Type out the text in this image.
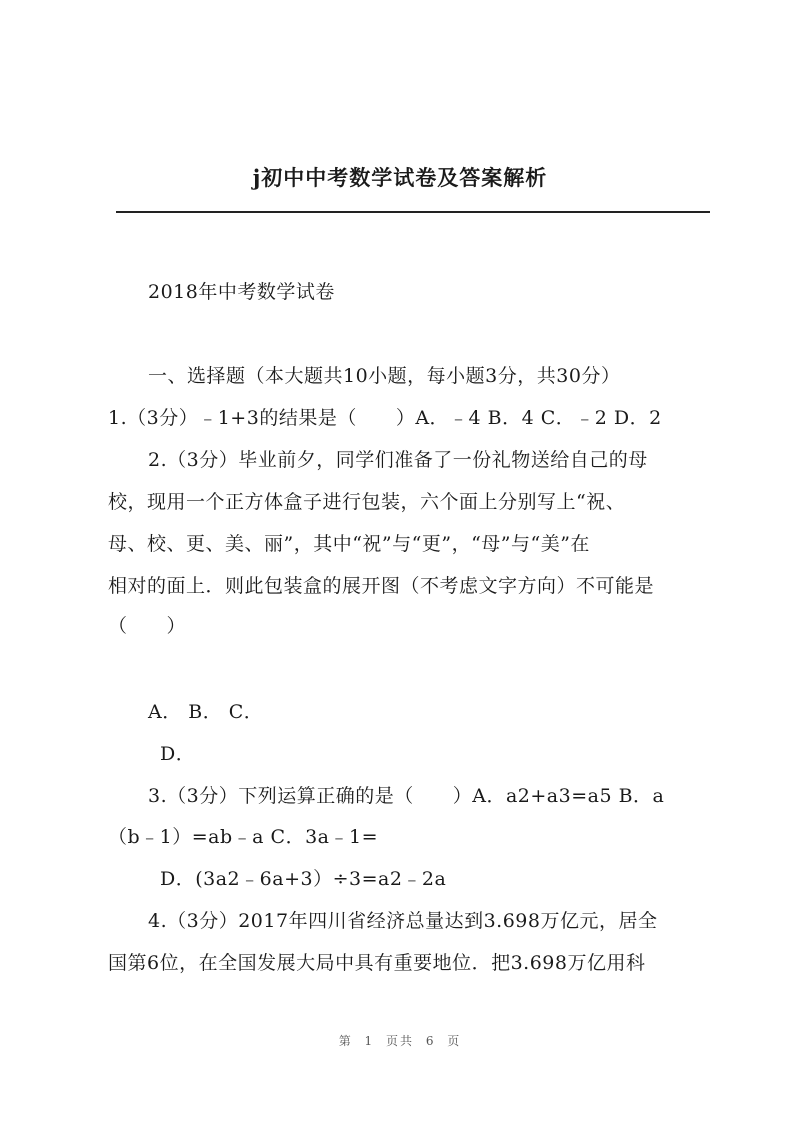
j初中中考数学试卷及答案解析
2018年中考数学试卷
一、选择题（本大题共10小题，每小题3分，共30分）
1.（3分）﹣1+3的结果是（　　）A．﹣4 B．4 C．﹣2 D．2
2.（3分）毕业前夕，同学们准备了一份礼物送给自己的母
校，现用一个正方体盒子进行包装，六个面上分别写上“祝、
母、校、更、美、丽”，其中“祝”与“更”，“母”与“美”在
相对的面上．则此包装盒的展开图（不考虑文字方向）不可能是
（　　）
A． B． C．
D．
3.（3分）下列运算正确的是（　　）A．a2+a3=a5 B．a
（b﹣1）=ab﹣a C．3a﹣1=
D．(3a2﹣6a+3）÷3=a2﹣2a
4.（3分）2017年四川省经济总量达到3.698万亿元，居全
国第6位，在全国发展大局中具有重要地位．把3.698万亿用科
第 1 页共 6 页
